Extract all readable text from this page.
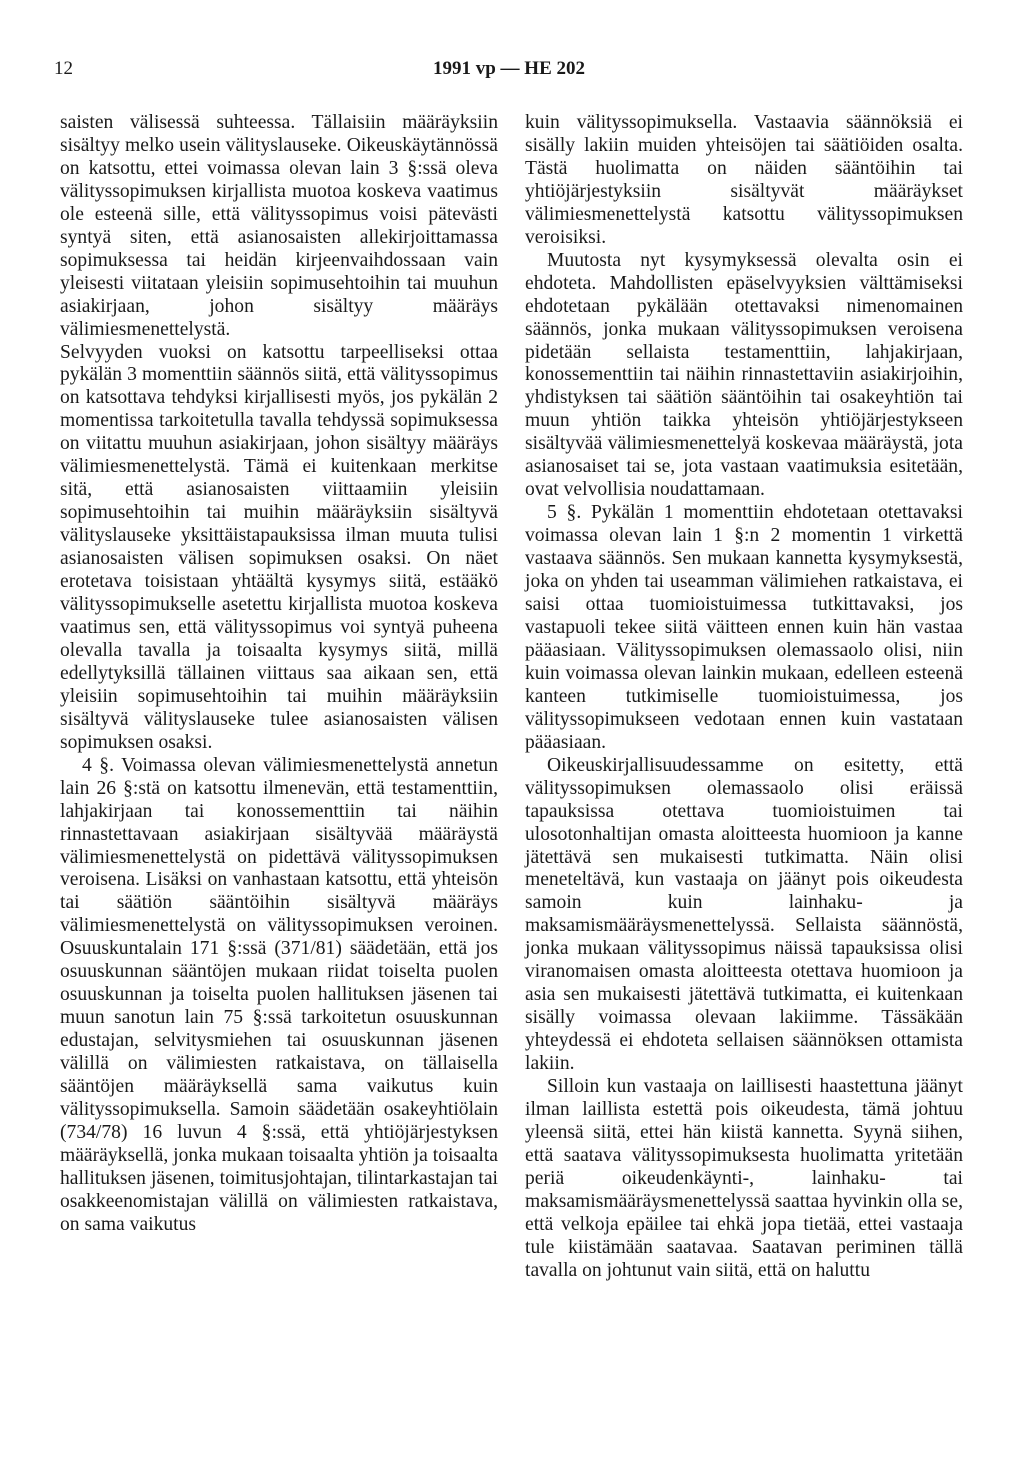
12	1991 vp — HE 202

saisten välisessä suhteessa. Tällaisiin määräyksiin sisältyy melko usein välityslauseke. Oikeuskäytännössä on katsottu, ettei voimassa olevan lain 3 §:ssä oleva välityssopimuksen kirjallista muotoa koskeva vaatimus ole esteenä sille, että välityssopimus voisi pätevästi syntyä siten, että asianosaisten allekirjoittamassa sopimuksessa tai heidän kirjeenvaihdossaan vain yleisesti viitataan yleisiin sopimusehtoihin tai muuhun asiakirjaan, johon sisältyy määräys välimiesmenettelystä.

Selvyyden vuoksi on katsottu tarpeelliseksi ottaa pykälän 3 momenttiin säännös siitä, että välityssopimus on katsottava tehdyksi kirjallisesti myös, jos pykälän 2 momentissa tarkoitetulla tavalla tehdyssä sopimuksessa on viitattu muuhun asiakirjaan, johon sisältyy määräys välimiesmenettelystä. Tämä ei kuitenkaan merkitse sitä, että asianosaisten viittaamiin yleisiin sopimusehtoihin tai muihin määräyksiin sisältyvä välityslauseke yksittäistapauksissa ilman muuta tulisi asianosaisten välisen sopimuksen osaksi. On näet erotetava toisistaan yhtäältä kysymys siitä, estääkö välityssopimukselle asetettu kirjallista muotoa koskeva vaatimus sen, että välityssopimus voi syntyä puheena olevalla tavalla ja toisaalta kysymys siitä, millä edellytyksillä tällainen viittaus saa aikaan sen, että yleisiin sopimusehtoihin tai muihin määräyksiin sisältyvä välityslauseke tulee asianosaisten välisen sopimuksen osaksi.

4 §. Voimassa olevan välimiesmenettelystä annetun lain 26 §:stä on katsottu ilmenevän, että testamenttiin, lahjakirjaan tai konossementtiin tai näihin rinnastettavaan asiakirjaan sisältyvää määräystä välimiesmenettelystä on pidettävä välityssopimuksen veroisena. Lisäksi on vanhastaan katsottu, että yhteisön tai säätiön sääntöihin sisältyvä määräys välimiesmenettelystä on välityssopimuksen veroinen. Osuuskuntalain 171 §:ssä (371/81) säädetään, että jos osuuskunnan sääntöjen mukaan riidat toiselta puolen osuuskunnan ja toiselta puolen hallituksen jäsenen tai muun sanotun lain 75 §:ssä tarkoitetun osuuskunnan edustajan, selvitysmiehen tai osuuskunnan jäsenen välillä on välimiesten ratkaistava, on tällaisella sääntöjen määräyksellä sama vaikutus kuin välityssopimuksella. Samoin säädetään osakeyhtiölain (734/78) 16 luvun 4 §:ssä, että yhtiöjärjestyksen määräyksellä, jonka mukaan toisaalta yhtiön ja toisaalta hallituksen jäsenen, toimitusjohtajan, tilintarkastajan tai osakkeenomistajan välillä on välimiesten ratkaistava, on sama vaikutus

kuin välityssopimuksella. Vastaavia säännöksiä ei sisälly lakiin muiden yhteisöjen tai säätiöiden osalta. Tästä huolimatta on näiden sääntöihin tai yhtiöjärjestyksiin sisältyvät määräykset välimiesmenettelystä katsottu välityssopimuksen veroisiksi.

Muutosta nyt kysymyksessä olevalta osin ei ehdoteta. Mahdollisten epäselvyyksien välttämiseksi ehdotetaan pykälään otettavaksi nimenomainen säännös, jonka mukaan välityssopimuksen veroisena pidetään sellaista testamenttiin, lahjakirjaan, konossementtiin tai näihin rinnastettaviin asiakirjoihin, yhdistyksen tai säätiön sääntöihin tai osakeyhtiön tai muun yhtiön taikka yhteisön yhtiöjärjestykseen sisältyvää välimiesmenettelyä koskevaa määräystä, jota asianosaiset tai se, jota vastaan vaatimuksia esitetään, ovat velvollisia noudattamaan.

5 §. Pykälän 1 momenttiin ehdotetaan otettavaksi voimassa olevan lain 1 §:n 2 momentin 1 virkettä vastaava säännös. Sen mukaan kannetta kysymyksestä, joka on yhden tai useamman välimiehen ratkaistava, ei saisi ottaa tuomioistuimessa tutkittavaksi, jos vastapuoli tekee siitä väitteen ennen kuin hän vastaa pääasiaan. Välityssopimuksen olemassaolo olisi, niin kuin voimassa olevan lainkin mukaan, edelleen esteenä kanteen tutkimiselle tuomioistuimessa, jos välityssopimukseen vedotaan ennen kuin vastataan pääasiaan.

Oikeuskirjallisuudessamme on esitetty, että välityssopimuksen olemassaolo olisi eräissä tapauksissa otettava tuomioistuimen tai ulosotonhaltijan omasta aloitteesta huomioon ja kanne jätettävä sen mukaisesti tutkimatta. Näin olisi meneteltävä, kun vastaaja on jäänyt pois oikeudesta samoin kuin lainhaku- ja maksamismääräysmenettelyssä. Sellaista säännöstä, jonka mukaan välityssopimus näissä tapauksissa olisi viranomaisen omasta aloitteesta otettava huomioon ja asia sen mukaisesti jätettävä tutkimatta, ei kuitenkaan sisälly voimassa olevaan lakiimme. Tässäkään yhteydessä ei ehdoteta sellaisen säännöksen ottamista lakiin.

Silloin kun vastaaja on laillisesti haastettuna jäänyt ilman laillista estettä pois oikeudesta, tämä johtuu yleensä siitä, ettei hän kiistä kannetta. Syynä siihen, että saatava välityssopimuksesta huolimatta yritetään periä oikeudenkäynti-, lainhaku- tai maksamismääräysmenettelyssä saattaa hyvinkin olla se, että velkoja epäilee tai ehkä jopa tietää, ettei vastaaja tule kiistämään saatavaa. Saatavan periminen tällä tavalla on johtunut vain siitä, että on haluttu
